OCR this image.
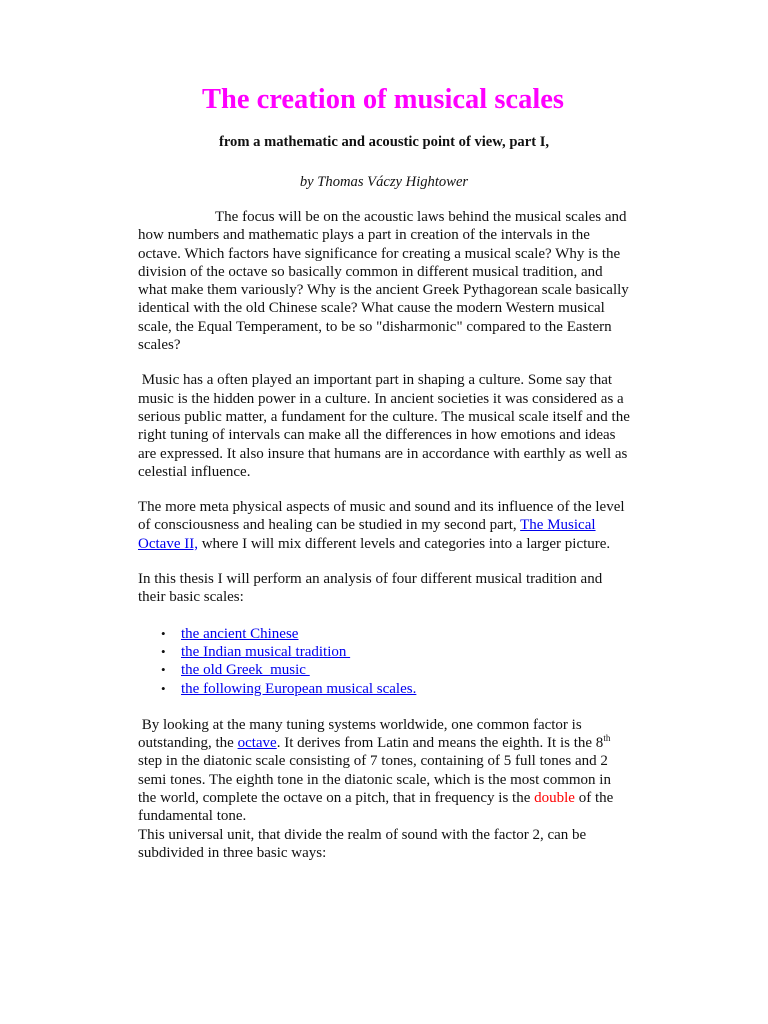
The creation of musical scales
from a mathematic and acoustic point of view, part I,
by Thomas Váczy Hightower

The focus will be on the acoustic laws behind the musical scales and how numbers and mathematic plays a part in creation of the intervals in the octave. Which factors have significance for creating a musical scale? Why is the division of the octave so basically common in different musical tradition, and what make them variously? Why is the ancient Greek Pythagorean scale basically identical with the old Chinese scale? What cause the modern Western musical scale, the Equal Temperament, to be so "disharmonic" compared to the Eastern scales?

Music has a often played an important part in shaping a culture. Some say that music is the hidden power in a culture. In ancient societies it was considered as a serious public matter, a fundament for the culture. The musical scale itself and the right tuning of intervals can make all the differences in how emotions and ideas are expressed. It also insure that humans are in accordance with earthly as well as celestial influence.

The more meta physical aspects of music and sound and its influence of the level of consciousness and healing can be studied in my second part, The Musical Octave II, where I will mix different levels and categories into a larger picture.

In this thesis I will perform an analysis of four different musical tradition and their basic scales:

• the ancient Chinese
• the Indian musical tradition
• the old Greek  music
• the following European musical scales.

By looking at the many tuning systems worldwide, one common factor is outstanding, the octave. It derives from Latin and means the eighth. It is the 8th step in the diatonic scale consisting of 7 tones, containing of 5 full tones and 2 semi tones. The eighth tone in the diatonic scale, which is the most common in the world, complete the octave on a pitch, that in frequency is the double of the fundamental tone.

This universal unit, that divide the realm of sound with the factor 2, can be subdivided in three basic ways:
